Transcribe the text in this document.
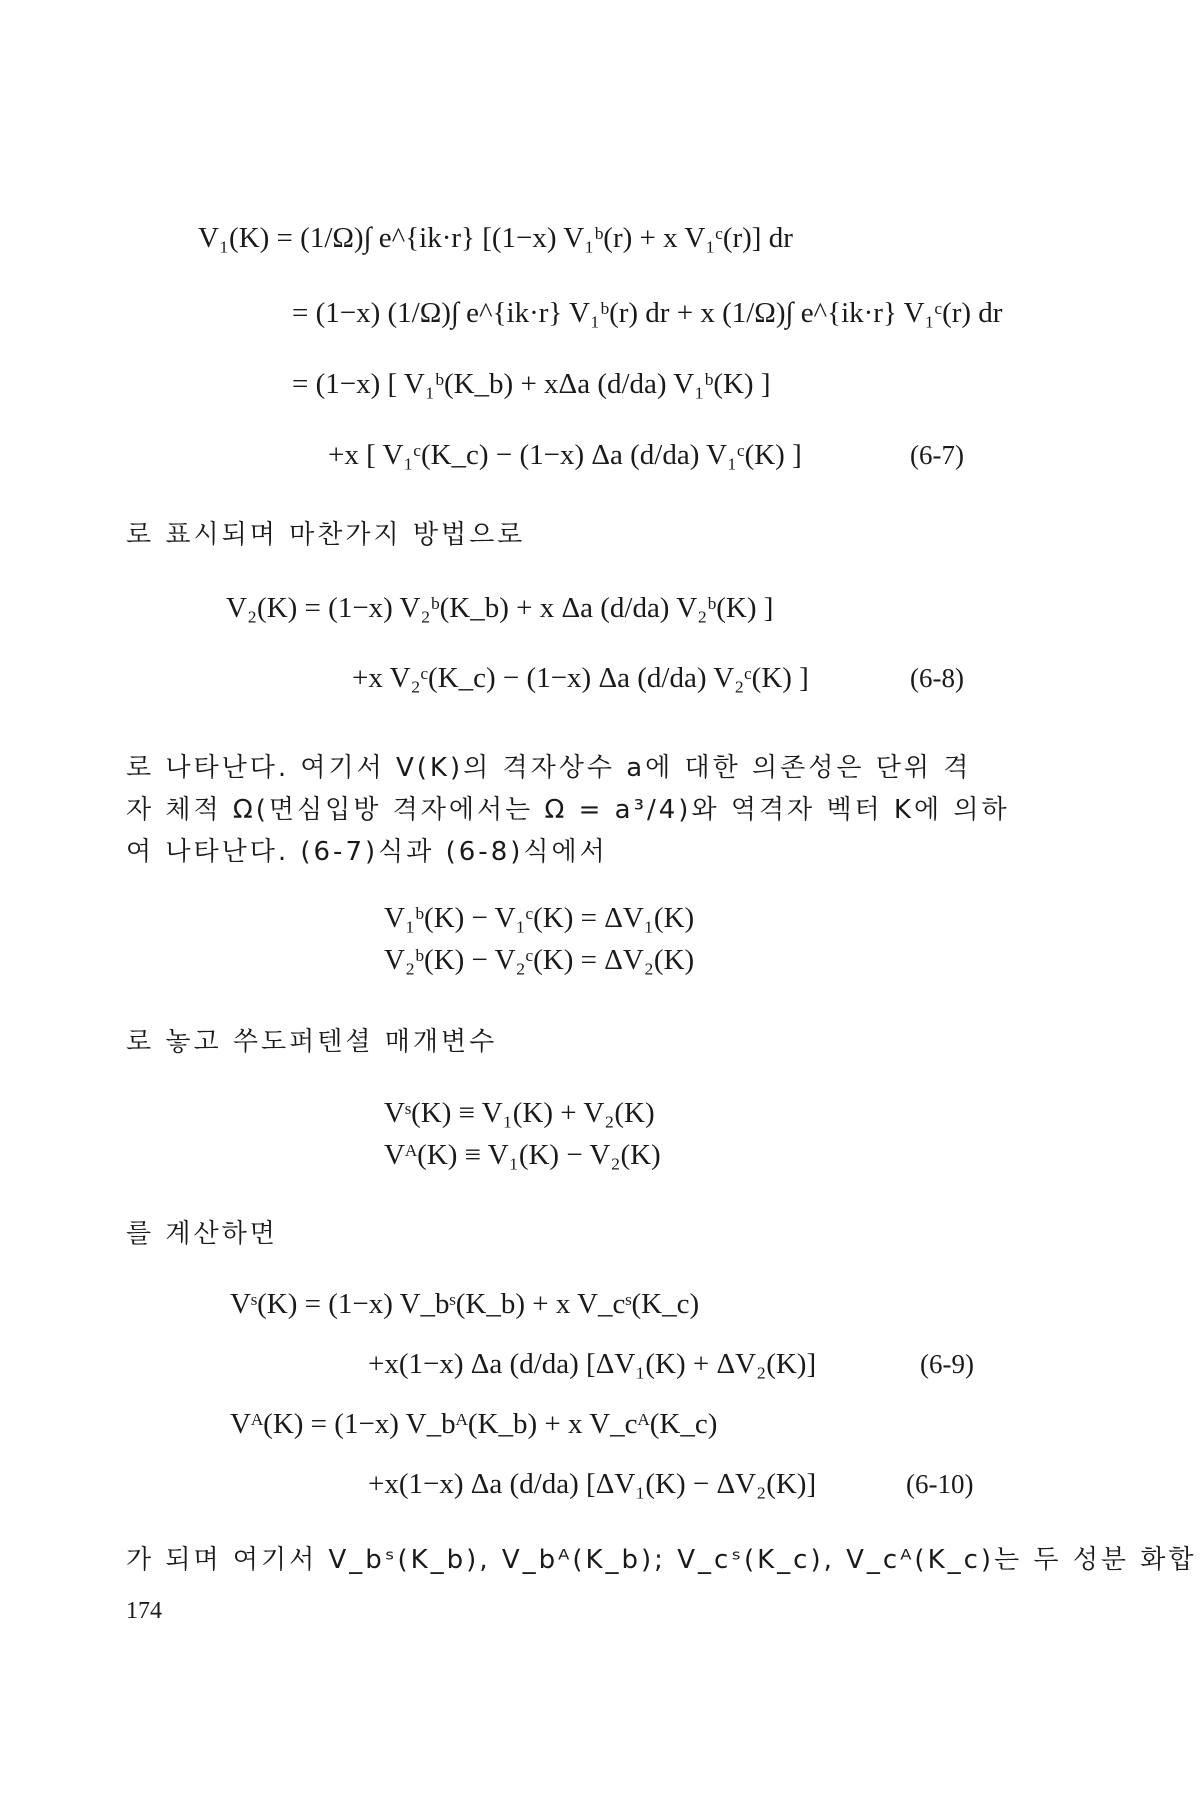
V₁(K) = (1/Ω)∫ e^{ik·r} [(1−x) V₁ᵇ(r) + x V₁ᶜ(r)] dr
= (1−x) (1/Ω)∫ e^{ik·r} V₁ᵇ(r) dr + x (1/Ω)∫ e^{ik·r} V₁ᶜ(r) dr
= (1−x) [ V₁ᵇ(K_b) + xΔa (d/da) V₁ᵇ(K) ]
+x [ V₁ᶜ(K_c) − (1−x) Δa (d/da) V₁ᶜ(K) ]	(6-7)
로 표시되며 마찬가지 방법으로
V₂(K) = (1−x) V₂ᵇ(K_b) + x Δa (d/da) V₂ᵇ(K) ]
+x V₂ᶜ(K_c) − (1−x) Δa (d/da) V₂ᶜ(K) ]	(6-8)
로 나타난다. 여기서 V(K)의 격자상수 a에 대한 의존성은 단위 격
자 체적 Ω(면심입방 격자에서는 Ω = a³/4)와 역격자 벡터 K에 의하
여 나타난다. (6-7)식과 (6-8)식에서
V₁ᵇ(K) − V₁ᶜ(K) = ΔV₁(K)
V₂ᵇ(K) − V₂ᶜ(K) = ΔV₂(K)
로 놓고 쑤도퍼텐셜 매개변수
Vˢ(K) ≡ V₁(K) + V₂(K)
Vᴬ(K) ≡ V₁(K) − V₂(K)
를 계산하면
Vˢ(K) = (1−x) V_bˢ(K_b) + x V_cˢ(K_c)
+x(1−x) Δa (d/da) [ΔV₁(K) + ΔV₂(K)]	(6-9)
Vᴬ(K) = (1−x) V_bᴬ(K_b) + x V_cᴬ(K_c)
+x(1−x) Δa (d/da) [ΔV₁(K) − ΔV₂(K)]	(6-10)
가 되며 여기서 V_bˢ(K_b), V_bᴬ(K_b); V_cˢ(K_c), V_cᴬ(K_c)는 두 성분 화합
174
